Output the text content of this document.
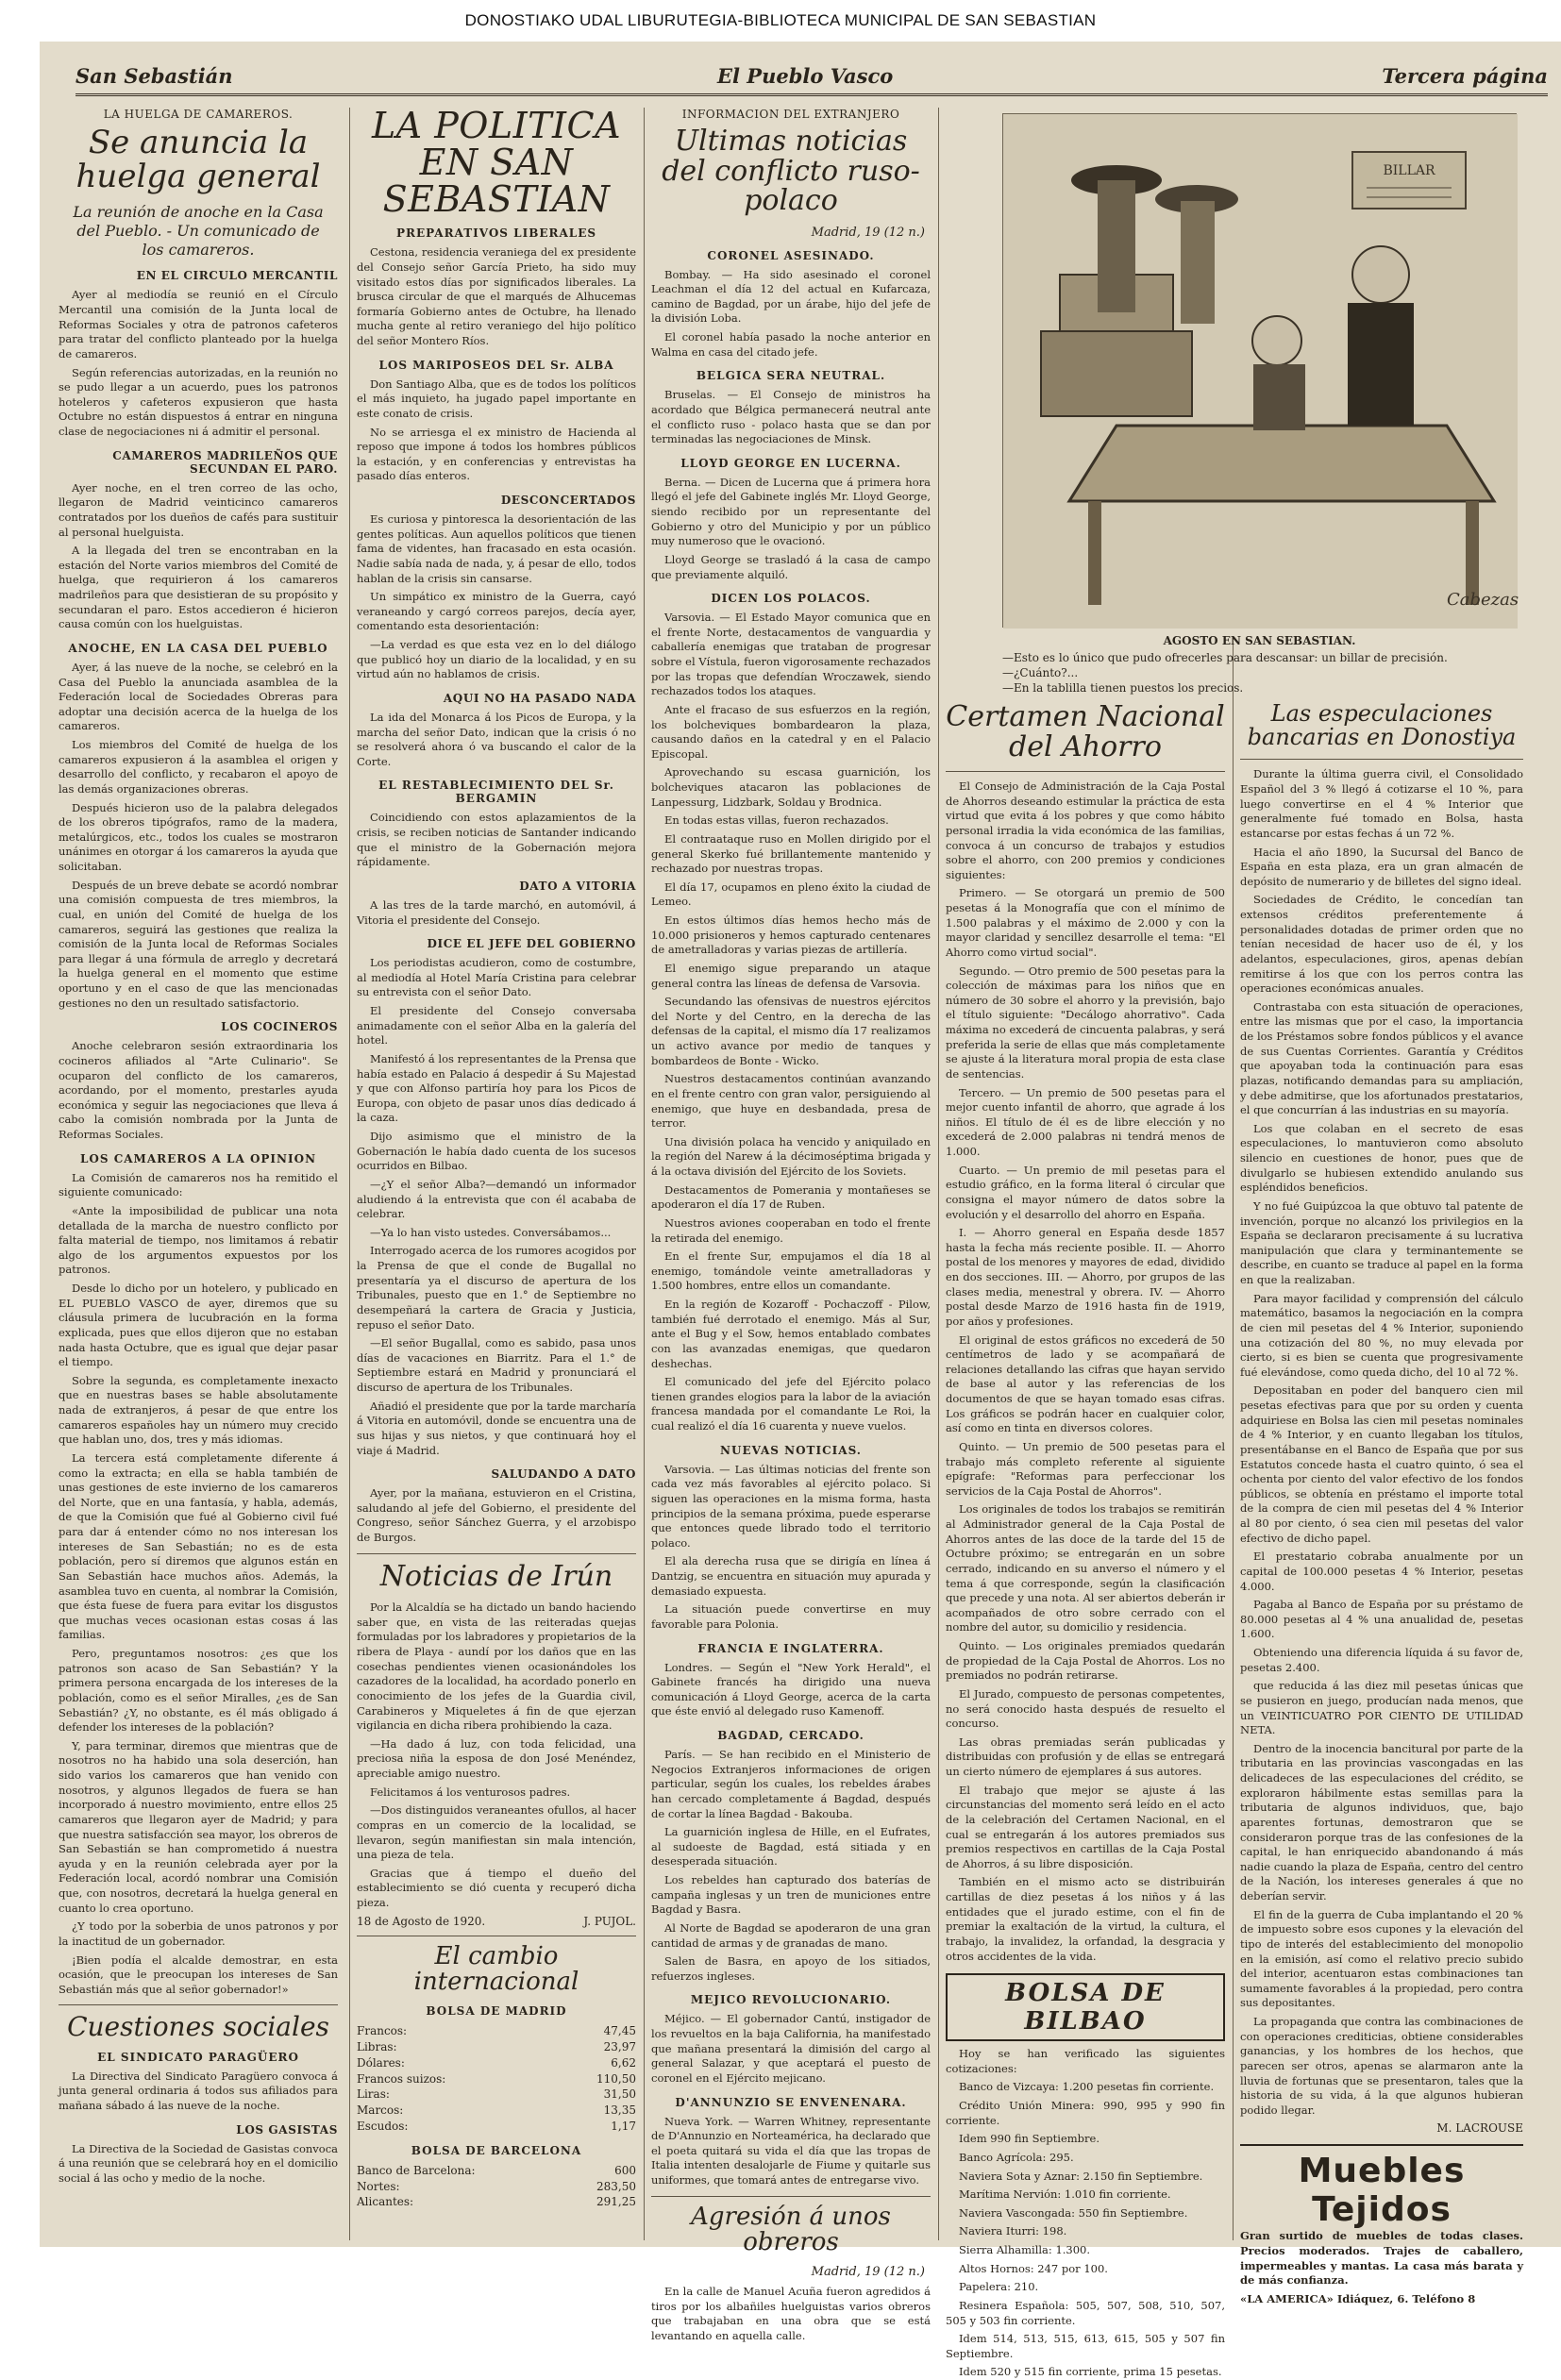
DONOSTIAKO UDAL LIBURUTEGIA-BIBLIOTECA MUNICIPAL DE SAN SEBASTIAN
San Sebastián	El Pueblo Vasco	Tercera página
LA HUELGA DE CAMAREROS.
Se anuncia la huelga general
La reunión de anoche en la Casa del Pueblo. - Un comunicado de los camareros.
EN EL CIRCULO MERCANTIL

Ayer al mediodía se reunió en el Círculo Mercantil una comisión de la Junta local de Reformas Sociales y otra de patronos cafeteros para tratar del conflicto planteado por la huelga de camareros.

Según referencias autorizadas, en la reunión no se pudo llegar a un acuerdo, pues los patronos hoteleros y cafeteros expusieron que hasta Octubre no están dispuestos á entrar en ninguna clase de negociaciones ni á admitir el personal.

CAMAREROS MADRILEÑOS QUE SECUNDAN EL PARO.

Ayer noche, en el tren correo de las ocho, llegaron de Madrid veinticinco camareros contratados por los dueños de cafés para sustituir al personal huelguista.

A la llegada del tren se encontraban en la estación del Norte varios miembros del Comité de huelga, que requirieron á los camareros madrileños para que desistieran de su propósito y secundaran el paro. Estos accedieron é hicieron causa común con los huelguistas.

ANOCHE, EN LA CASA DEL PUEBLO

Ayer, á las nueve de la noche, se celebró en la Casa del Pueblo la anunciada asamblea de la Federación local de Sociedades Obreras para adoptar una decisión acerca de la huelga de los camareros.

Los miembros del Comité de huelga de los camareros expusieron á la asamblea el origen y desarrollo del conflicto, y recabaron el apoyo de las demás organizaciones obreras.

Después hicieron uso de la palabra delegados de los obreros tipógrafos, ramo de la madera, metalúrgicos, etc., todos los cuales se mostraron unánimes en otorgar á los camareros la ayuda que solicitaban.

Después de un breve debate se acordó nombrar una comisión compuesta de tres miembros, la cual, en unión del Comité de huelga de los camareros, seguirá las gestiones que realiza la comisión de la Junta local de Reformas Sociales para llegar á una fórmula de arreglo y decretará la huelga general en el momento que estime oportuno y en el caso de que las mencionadas gestiones no den un resultado satisfactorio.

LOS COCINEROS

Anoche celebraron sesión extraordinaria los cocineros afiliados al "Arte Culinario". Se ocuparon del conflicto de los camareros, acordando, por el momento, prestarles ayuda económica y seguir las negociaciones que lleva á cabo la comisión nombrada por la Junta de Reformas Sociales.

LOS CAMAREROS A LA OPINION

La Comisión de camareros nos ha remitido el siguiente comunicado:

«Ante la imposibilidad de publicar una nota detallada de la marcha de nuestro conflicto por falta material de tiempo, nos limitamos á rebatir algo de los argumentos expuestos por los patronos.

Desde lo dicho por un hotelero, y publicado en EL PUEBLO VASCO de ayer, diremos que su cláusula primera de lucubración en la forma explicada, pues que ellos dijeron que no estaban nada hasta Octubre, que es igual que dejar pasar el tiempo.

Sobre la segunda, es completamente inexacto que en nuestras bases se hable absolutamente nada de extranjeros, á pesar de que entre los camareros españoles hay un número muy crecido que hablan uno, dos, tres y más idiomas.

La tercera está completamente diferente á como la extracta; en ella se habla también de unas gestiones de este invierno de los camareros del Norte, que en una fantasía, y habla, además, de que la Comisión que fué al Gobierno civil fué para dar á entender cómo no nos interesan los intereses de San Sebastián; no es de esta población, pero sí diremos que algunos están en San Sebastián hace muchos años. Además, la asamblea tuvo en cuenta, al nombrar la Comisión, que ésta fuese de fuera para evitar los disgustos que muchas veces ocasionan estas cosas á las familias.

Pero, preguntamos nosotros: ¿es que los patronos son acaso de San Sebastián? Y la primera persona encargada de los intereses de la población, como es el señor Miralles, ¿es de San Sebastián? ¿Y, no obstante, es él más obligado á defender los intereses de la población?

Y, para terminar, diremos que mientras que de nosotros no ha habido una sola deserción, han sido varios los camareros que han venido con nosotros, y algunos llegados de fuera se han incorporado á nuestro movimiento, entre ellos 25 camareros que llegaron ayer de Madrid; y para que nuestra satisfacción sea mayor, los obreros de San Sebastián se han comprometido á nuestra ayuda y en la reunión celebrada ayer por la Federación local, acordó nombrar una Comisión que, con nosotros, decretará la huelga general en cuanto lo crea oportuno.

¿Y todo por la soberbia de unos patronos y por la inactitud de un gobernador.

¡Bien podía el alcalde demostrar, en esta ocasión, que le preocupan los intereses de San Sebastián más que al señor gobernador!»

Cuestiones sociales
EL SINDICATO PARAGÜERO

La Directiva del Sindicato Paragüero convoca á junta general ordinaria á todos sus afiliados para mañana sábado á las nueve de la noche.

LOS GASISTAS

La Directiva de la Sociedad de Gasistas convoca á una reunión que se celebrará hoy en el domicilio social á las ocho y medio de la noche.

LA POLITICA EN SAN SEBASTIAN
PREPARATIVOS LIBERALES

Cestona, residencia veraniega del ex presidente del Consejo señor García Prieto, ha sido muy visitado estos días por significados liberales. La brusca circular de que el marqués de Alhucemas formaría Gobierno antes de Octubre, ha llenado mucha gente al retiro veraniego del hijo político del señor Montero Ríos.

LOS MARIPOSEOS DEL Sr. ALBA

Don Santiago Alba, que es de todos los políticos el más inquieto, ha jugado papel importante en este conato de crisis.

No se arriesga el ex ministro de Hacienda al reposo que impone á todos los hombres públicos la estación, y en conferencias y entrevistas ha pasado días enteros.

DESCONCERTADOS

Es curiosa y pintoresca la desorientación de las gentes políticas. Aun aquellos políticos que tienen fama de videntes, han fracasado en esta ocasión. Nadie sabía nada de nada, y, á pesar de ello, todos hablan de la crisis sin cansarse.

Un simpático ex ministro de la Guerra, cayó veraneando y cargó correos parejos, decía ayer, comentando esta desorientación:

—La verdad es que esta vez en lo del diálogo que publicó hoy un diario de la localidad, y en su virtud aún no hablamos de crisis.

AQUI NO HA PASADO NADA

La ida del Monarca á los Picos de Europa, y la marcha del señor Dato, indican que la crisis ó no se resolverá ahora ó va buscando el calor de la Corte.

EL RESTABLECIMIENTO DEL Sr. BERGAMIN

Coincidiendo con estos aplazamientos de la crisis, se reciben noticias de Santander indicando que el ministro de la Gobernación mejora rápidamente.

DATO A VITORIA

A las tres de la tarde marchó, en automóvil, á Vitoria el presidente del Consejo.

DICE EL JEFE DEL GOBIERNO

Los periodistas acudieron, como de costumbre, al mediodía al Hotel María Cristina para celebrar su entrevista con el señor Dato.

El presidente del Consejo conversaba animadamente con el señor Alba en la galería del hotel.

Manifestó á los representantes de la Prensa que había estado en Palacio á despedir á Su Majestad y que con Alfonso partiría hoy para los Picos de Europa, con objeto de pasar unos días dedicado á la caza.

Dijo asimismo que el ministro de la Gobernación le había dado cuenta de los sucesos ocurridos en Bilbao.

—¿Y el señor Alba?—demandó un informador aludiendo á la entrevista que con él acababa de celebrar.

—Ya lo han visto ustedes. Conversábamos...

Interrogado acerca de los rumores acogidos por la Prensa de que el conde de Bugallal no presentaría ya el discurso de apertura de los Tribunales, puesto que en 1.° de Septiembre no desempeñará la cartera de Gracia y Justicia, repuso el señor Dato.

—El señor Bugallal, como es sabido, pasa unos días de vacaciones en Biarritz. Para el 1.° de Septiembre estará en Madrid y pronunciará el discurso de apertura de los Tribunales.

Añadió el presidente que por la tarde marcharía á Vitoria en automóvil, donde se encuentra una de sus hijas y sus nietos, y que continuará hoy el viaje á Madrid.

SALUDANDO A DATO

Ayer, por la mañana, estuvieron en el Cristina, saludando al jefe del Gobierno, el presidente del Congreso, señor Sánchez Guerra, y el arzobispo de Burgos.

Noticias de Irún

Por la Alcaldía se ha dictado un bando haciendo saber que, en vista de las reiteradas quejas formuladas por los labradores y propietarios de la ribera de Playa - aundí por los daños que en las cosechas pendientes vienen ocasionándoles los cazadores de la localidad, ha acordado ponerlo en conocimiento de los jefes de la Guardia civil, Carabineros y Miqueletes á fin de que ejerzan vigilancia en dicha ribera prohibiendo la caza.

—Ha dado á luz, con toda felicidad, una preciosa niña la esposa de don José Menéndez, apreciable amigo nuestro.

Felicitamos á los venturosos padres.

—Dos distinguidos veraneantes ofullos, al hacer compras en un comercio de la localidad, se llevaron, según manifiestan sin mala intención, una pieza de tela.

Gracias que á tiempo el dueño del establecimiento se dió cuenta y recuperó dicha pieza.

18 de Agosto de 1920.	J. PUJOL.
El cambio internacional
BOLSA DE MADRID
Francos:	47,45
Libras:	23,97
Dólares:	6,62
Francos suizos:	110,50
Liras:	31,50
Marcos:	13,35
Escudos:	1,17
BOLSA DE BARCELONA
Banco de Barcelona:	600
Nortes:	283,50
Alicantes:	291,25
INFORMACION DEL EXTRANJERO
Ultimas noticias del conflicto ruso-polaco
Madrid, 19 (12 n.)
CORONEL ASESINADO.

Bombay. — Ha sido asesinado el coronel Leachman el día 12 del actual en Kufarcaza, camino de Bagdad, por un árabe, hijo del jefe de la división Loba.

El coronel había pasado la noche anterior en Walma en casa del citado jefe.

BELGICA SERA NEUTRAL.

Bruselas. — El Consejo de ministros ha acordado que Bélgica permanecerá neutral ante el conflicto ruso - polaco hasta que se dan por terminadas las negociaciones de Minsk.

LLOYD GEORGE EN LUCERNA.

Berna. — Dicen de Lucerna que á primera hora llegó el jefe del Gabinete inglés Mr. Lloyd George, siendo recibido por un representante del Gobierno y otro del Municipio y por un público muy numeroso que le ovacionó.

Lloyd George se trasladó á la casa de campo que previamente alquiló.

DICEN LOS POLACOS.

Varsovia. — El Estado Mayor comunica que en el frente Norte, destacamentos de vanguardia y caballería enemigas que trataban de progresar sobre el Vístula, fueron vigorosamente rechazados por las tropas que defendían Wroczawek, siendo rechazados todos los ataques.

Ante el fracaso de sus esfuerzos en la región, los bolcheviques bombardearon la plaza, causando daños en la catedral y en el Palacio Episcopal.

Aprovechando su escasa guarnición, los bolcheviques atacaron las poblaciones de Lanpessurg, Lidzbark, Soldau y Brodnica.

En todas estas villas, fueron rechazados.

El contraataque ruso en Mollen dirigido por el general Skerko fué brillantemente mantenido y rechazado por nuestras tropas.

El día 17, ocupamos en pleno éxito la ciudad de Lemeo.

En estos últimos días hemos hecho más de 10.000 prisioneros y hemos capturado centenares de ametralladoras y varias piezas de artillería.

El enemigo sigue preparando un ataque general contra las líneas de defensa de Varsovia.

Secundando las ofensivas de nuestros ejércitos del Norte y del Centro, en la derecha de las defensas de la capital, el mismo día 17 realizamos un activo avance por medio de tanques y bombardeos de Bonte - Wicko.

Nuestros destacamentos continúan avanzando en el frente centro con gran valor, persiguiendo al enemigo, que huye en desbandada, presa de terror.

Una división polaca ha vencido y aniquilado en la región del Narew á la décimoséptima brigada y á la octava división del Ejército de los Soviets.

Destacamentos de Pomerania y montañeses se apoderaron el día 17 de Ruben.

Nuestros aviones cooperaban en todo el frente la retirada del enemigo.

En el frente Sur, empujamos el día 18 al enemigo, tomándole veinte ametralladoras y 1.500 hombres, entre ellos un comandante.

En la región de Kozaroff - Pochaczoff - Pilow, también fué derrotado el enemigo. Más al Sur, ante el Bug y el Sow, hemos entablado combates con las avanzadas enemigas, que quedaron deshechas.

El comunicado del jefe del Ejército polaco tienen grandes elogios para la labor de la aviación francesa mandada por el comandante Le Roi, la cual realizó el día 16 cuarenta y nueve vuelos.

NUEVAS NOTICIAS.

Varsovia. — Las últimas noticias del frente son cada vez más favorables al ejército polaco. Si siguen las operaciones en la misma forma, hasta principios de la semana próxima, puede esperarse que entonces quede librado todo el territorio polaco.

El ala derecha rusa que se dirigía en línea á Dantzig, se encuentra en situación muy apurada y demasiado expuesta.

La situación puede convertirse en muy favorable para Polonia.

FRANCIA E INGLATERRA.

Londres. — Según el "New York Herald", el Gabinete francés ha dirigido una nueva comunicación á Lloyd George, acerca de la carta que éste envió al delegado ruso Kamenoff.

BAGDAD, CERCADO.

París. — Se han recibido en el Ministerio de Negocios Extranjeros informaciones de origen particular, según los cuales, los rebeldes árabes han cercado completamente á Bagdad, después de cortar la línea Bagdad - Bakouba.

La guarnición inglesa de Hille, en el Eufrates, al sudoeste de Bagdad, está sitiada y en desesperada situación.

Los rebeldes han capturado dos baterías de campaña inglesas y un tren de municiones entre Bagdad y Basra.

Al Norte de Bagdad se apoderaron de una gran cantidad de armas y de granadas de mano.

Salen de Basra, en apoyo de los sitiados, refuerzos ingleses.

MEJICO REVOLUCIONARIO.

Méjico. — El gobernador Cantú, instigador de los revueltos en la baja California, ha manifestado que mañana presentará la dimisión del cargo al general Salazar, y que aceptará el puesto de coronel en el Ejército mejicano.

D'ANNUNZIO SE ENVENENARA.

Nueva York. — Warren Whitney, representante de D'Annunzio en Norteamérica, ha declarado que el poeta quitará su vida el día que las tropas de Italia intenten desalojarle de Fiume y quitarle sus uniformes, que tomará antes de entregarse vivo.

Agresión á unos obreros
Madrid, 19 (12 n.)

En la calle de Manuel Acuña fueron agredidos á tiros por los albañiles huelguistas varios obreros que trabajaban en una obra que se está levantando en aquella calle.

BILLAR
Cabezas
AGOSTO EN SAN SEBASTIAN.
—Esto es lo único que pudo ofrecerles para descansar: un billar de precisión.
—¿Cuánto?...
—En la tablilla tienen puestos los precios.
Certamen Nacional del Ahorro

El Consejo de Administración de la Caja Postal de Ahorros deseando estimular la práctica de esta virtud que evita á los pobres y que como hábito personal irradia la vida económica de las familias, convoca á un concurso de trabajos y estudios sobre el ahorro, con 200 premios y condiciones siguientes:

Primero. — Se otorgará un premio de 500 pesetas á la Monografía que con el mínimo de 1.500 palabras y el máximo de 2.000 y con la mayor claridad y sencillez desarrolle el tema: "El Ahorro como virtud social".

Segundo. — Otro premio de 500 pesetas para la colección de máximas para los niños que en número de 30 sobre el ahorro y la previsión, bajo el título siguiente: "Decálogo ahorrativo". Cada máxima no excederá de cincuenta palabras, y será preferida la serie de ellas que más completamente se ajuste á la literatura moral propia de esta clase de sentencias.

Tercero. — Un premio de 500 pesetas para el mejor cuento infantil de ahorro, que agrade á los niños. El título de él es de libre elección y no excederá de 2.000 palabras ni tendrá menos de 1.000.

Cuarto. — Un premio de mil pesetas para el estudio gráfico, en la forma literal ó circular que consigna el mayor número de datos sobre la evolución y el desarrollo del ahorro en España.

I. — Ahorro general en España desde 1857 hasta la fecha más reciente posible. II. — Ahorro postal de los menores y mayores de edad, dividido en dos secciones. III. — Ahorro, por grupos de las clases media, menestral y obrera. IV. — Ahorro postal desde Marzo de 1916 hasta fin de 1919, por años y profesiones.

El original de estos gráficos no excederá de 50 centímetros de lado y se acompañará de relaciones detallando las cifras que hayan servido de base al autor y las referencias de los documentos de que se hayan tomado esas cifras. Los gráficos se podrán hacer en cualquier color, así como en tinta en diversos colores.

Quinto. — Un premio de 500 pesetas para el trabajo más completo referente al siguiente epígrafe: "Reformas para perfeccionar los servicios de la Caja Postal de Ahorros".

Los originales de todos los trabajos se remitirán al Administrador general de la Caja Postal de Ahorros antes de las doce de la tarde del 15 de Octubre próximo; se entregarán en un sobre cerrado, indicando en su anverso el número y el tema á que corresponde, según la clasificación que precede y una nota. Al ser abiertos deberán ir acompañados de otro sobre cerrado con el nombre del autor, su domicilio y residencia.

Quinto. — Los originales premiados quedarán de propiedad de la Caja Postal de Ahorros. Los no premiados no podrán retirarse.

El Jurado, compuesto de personas competentes, no será conocido hasta después de resuelto el concurso.

Las obras premiadas serán publicadas y distribuidas con profusión y de ellas se entregará un cierto número de ejemplares á sus autores.

El trabajo que mejor se ajuste á las circunstancias del momento será leído en el acto de la celebración del Certamen Nacional, en el cual se entregarán á los autores premiados sus premios respectivos en cartillas de la Caja Postal de Ahorros, á su libre disposición.

También en el mismo acto se distribuirán cartillas de diez pesetas á los niños y á las entidades que el jurado estime, con el fin de premiar la exaltación de la virtud, la cultura, el trabajo, la invalidez, la orfandad, la desgracia y otros accidentes de la vida.

BOLSA DE BILBAO

Hoy se han verificado las siguientes cotizaciones:

Banco de Vizcaya: 1.200 pesetas fin corriente.

Crédito Unión Minera: 990, 995 y 990 fin corriente.

Idem 990 fin Septiembre.

Banco Agrícola: 295.

Naviera Sota y Aznar: 2.150 fin Septiembre.

Marítima Nervión: 1.010 fin corriente.

Naviera Vascongada: 550 fin Septiembre.

Naviera Iturri: 198.

Sierra Alhamilla: 1.300.

Altos Hornos: 247 por 100.

Papelera: 210.

Resinera Española: 505, 507, 508, 510, 507, 505 y 503 fin corriente.

Idem 514, 513, 515, 613, 615, 505 y 507 fin Septiembre.

Idem 520 y 515 fin corriente, prima 15 pesetas.

Las especulaciones bancarias en Donostiya

Durante la última guerra civil, el Consolidado Español del 3 % llegó á cotizarse el 10 %, para luego convertirse en el 4 % Interior que generalmente fué tomado en Bolsa, hasta estancarse por estas fechas á un 72 %.

Hacia el año 1890, la Sucursal del Banco de España en esta plaza, era un gran almacén de depósito de numerario y de billetes del signo ideal.

Sociedades de Crédito, le concedían tan extensos créditos preferentemente á personalidades dotadas de primer orden que no tenían necesidad de hacer uso de él, y los adelantos, especulaciones, giros, apenas debían remitirse á los que con los perros contra las operaciones económicas anuales.

Contrastaba con esta situación de operaciones, entre las mismas que por el caso, la importancia de los Préstamos sobre fondos públicos y el avance de sus Cuentas Corrientes. Garantía y Créditos que apoyaban toda la continuación para esas plazas, notificando demandas para su ampliación, y debe admitirse, que los afortunados prestatarios, el que concurrían á las industrias en su mayoría.

Los que colaban en el secreto de esas especulaciones, lo mantuvieron como absoluto silencio en cuestiones de honor, pues que de divulgarlo se hubiesen extendido anulando sus espléndidos beneficios.

Y no fué Guipúzcoa la que obtuvo tal patente de invención, porque no alcanzó los privilegios en la España se declararon precisamente á su lucrativa manipulación que clara y terminantemente se describe, en cuanto se traduce al papel en la forma en que la realizaban.

Para mayor facilidad y comprensión del cálculo matemático, basamos la negociación en la compra de cien mil pesetas del 4 % Interior, suponiendo una cotización del 80 %, no muy elevada por cierto, si es bien se cuenta que progresivamente fué elevándose, como queda dicho, del 10 al 72 %.

Depositaban en poder del banquero cien mil pesetas efectivas para que por su orden y cuenta adquiriese en Bolsa las cien mil pesetas nominales de 4 % Interior, y en cuanto llegaban los títulos, presentábanse en el Banco de España que por sus Estatutos concede hasta el cuatro quinto, ó sea el ochenta por ciento del valor efectivo de los fondos públicos, se obtenía en préstamo el importe total de la compra de cien mil pesetas del 4 % Interior al 80 por ciento, ó sea cien mil pesetas del valor efectivo de dicho papel.

El prestatario cobraba anualmente por un capital de 100.000 pesetas 4 % Interior, pesetas 4.000.

Pagaba al Banco de España por su préstamo de 80.000 pesetas al 4 % una anualidad de, pesetas 1.600.

Obteniendo una diferencia líquida á su favor de, pesetas 2.400.

que reducida á las diez mil pesetas únicas que se pusieron en juego, producían nada menos, que un VEINTICUATRO POR CIENTO DE UTILIDAD NETA.

Dentro de la inocencia bancitural por parte de la tributaria en las provincias vascongadas en las delicadeces de las especulaciones del crédito, se exploraron hábilmente estas semillas para la tributaria de algunos individuos, que, bajo aparentes fortunas, demostraron que se consideraron porque tras de las confesiones de la capital, le han enriquecido abandonando á más nadie cuando la plaza de España, centro del centro de la Nación, los intereses generales á que no deberían servir.

El fin de la guerra de Cuba implantando el 20 % de impuesto sobre esos cupones y la elevación del tipo de interés del establecimiento del monopolio en la emisión, así como el relativo precio subido del interior, acentuaron estas combinaciones tan sumamente favorables á la propiedad, pero contra sus depositantes.

La propaganda que contra las combinaciones de con operaciones crediticias, obtiene considerables ganancias, y los hombres de los hechos, que parecen ser otros, apenas se alarmaron ante la lluvia de fortunas que se presentaron, tales que la historia de su vida, á la que algunos hubieran podido llegar.

M. LACROUSE
Muebles Tejidos

Gran surtido de muebles de todas clases. Precios moderados. Trajes de caballero, impermeables y mantas. La casa más barata y de más confianza.

«LA AMERICA» Idiáquez, 6. Teléfono 8
